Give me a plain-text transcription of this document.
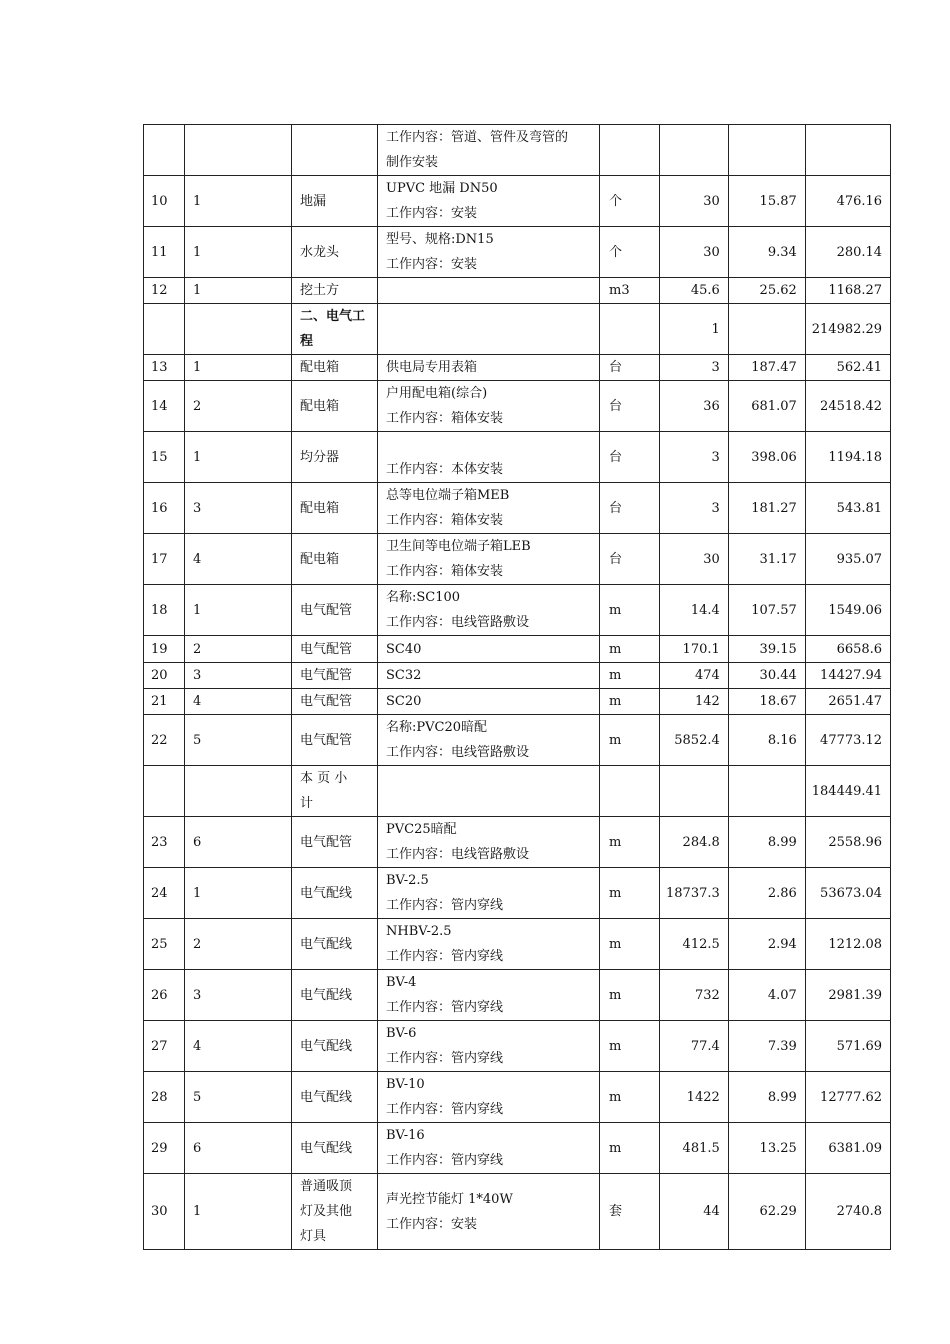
			工作内容：管道、管件及弯管的
制作安装				

10	1	地漏	UPVC 地漏 DN50
工作内容：安装	个	30	15.87	476.16
11	1	水龙头	型号、规格:DN15
工作内容：安装	个	30	9.34	280.14
12	1	挖土方		m3	45.6	25.62	1168.27
		二、电气工程			1		214982.29
13	1	配电箱	供电局专用表箱	台	3	187.47	562.41
14	2	配电箱	户用配电箱(综合)
工作内容：箱体安装	台	36	681.07	24518.42
15	1	均分器	工作内容：本体安装	台	3	398.06	1194.18
16	3	配电箱	总等电位端子箱MEB
工作内容：箱体安装	台	3	181.27	543.81
17	4	配电箱	卫生间等电位端子箱LEB
工作内容：箱体安装	台	30	31.17	935.07
18	1	电气配管	名称:SC100
工作内容：电线管路敷设	m	14.4	107.57	1549.06
19	2	电气配管	SC40	m	170.1	39.15	6658.6
20	3	电气配管	SC32	m	474	30.44	14427.94
21	4	电气配管	SC20	m	142	18.67	2651.47
22	5	电气配管	名称:PVC20暗配
工作内容：电线管路敷设	m	5852.4	8.16	47773.12

		本 页 小
计					184449.41
23	6	电气配管	PVC25暗配
工作内容：电线管路敷设	m	284.8	8.99	2558.96
24	1	电气配线	BV-2.5
工作内容：管内穿线	m	18737.3	2.86	53673.04
25	2	电气配线	NHBV-2.5
工作内容：管内穿线	m	412.5	2.94	1212.08
26	3	电气配线	BV-4
工作内容：管内穿线	m	732	4.07	2981.39
27	4	电气配线	BV-6
工作内容：管内穿线	m	77.4	7.39	571.69
28	5	电气配线	BV-10
工作内容：管内穿线	m	1422	8.99	12777.62
29	6	电气配线	BV-16
工作内容：管内穿线	m	481.5	13.25	6381.09
30	1	普通吸顶
灯及其他
灯具	声光控节能灯 1*40W
工作内容：安装	套	44	62.29	2740.8
